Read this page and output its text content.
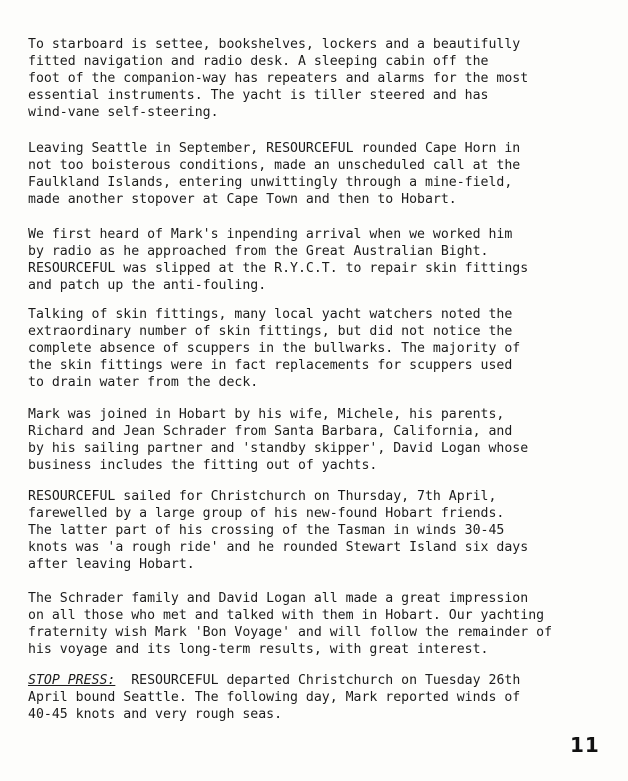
To starboard is settee, bookshelves, lockers and a beautifully
fitted navigation and radio desk. A sleeping cabin off the
foot of the companion-way has repeaters and alarms for the most
essential instruments. The yacht is tiller steered and has
wind-vane self-steering.

Leaving Seattle in September, RESOURCEFUL rounded Cape Horn in
not too boisterous conditions, made an unscheduled call at the
Faulkland Islands, entering unwittingly through a mine-field,
made another stopover at Cape Town and then to Hobart.

We first heard of Mark's inpending arrival when we worked him
by radio as he approached from the Great Australian Bight.
RESOURCEFUL was slipped at the R.Y.C.T. to repair skin fittings
and patch up the anti-fouling.

Talking of skin fittings, many local yacht watchers noted the
extraordinary number of skin fittings, but did not notice the
complete absence of scuppers in the bullwarks. The majority of
the skin fittings were in fact replacements for scuppers used
to drain water from the deck.

Mark was joined in Hobart by his wife, Michele, his parents,
Richard and Jean Schrader from Santa Barbara, California, and
by his sailing partner and 'standby skipper', David Logan whose
business includes the fitting out of yachts.

RESOURCEFUL sailed for Christchurch on Thursday, 7th April,
farewelled by a large group of his new-found Hobart friends.
The latter part of his crossing of the Tasman in winds 30-45
knots was 'a rough ride' and he rounded Stewart Island six days
after leaving Hobart.

The Schrader family and David Logan all made a great impression
on all those who met and talked with them in Hobart. Our yachting
fraternity wish Mark 'Bon Voyage' and will follow the remainder of
his voyage and its long-term results, with great interest.

STOP PRESS:  RESOURCEFUL departed Christchurch on Tuesday 26th
April bound Seattle. The following day, Mark reported winds of
40-45 knots and very rough seas.

11
